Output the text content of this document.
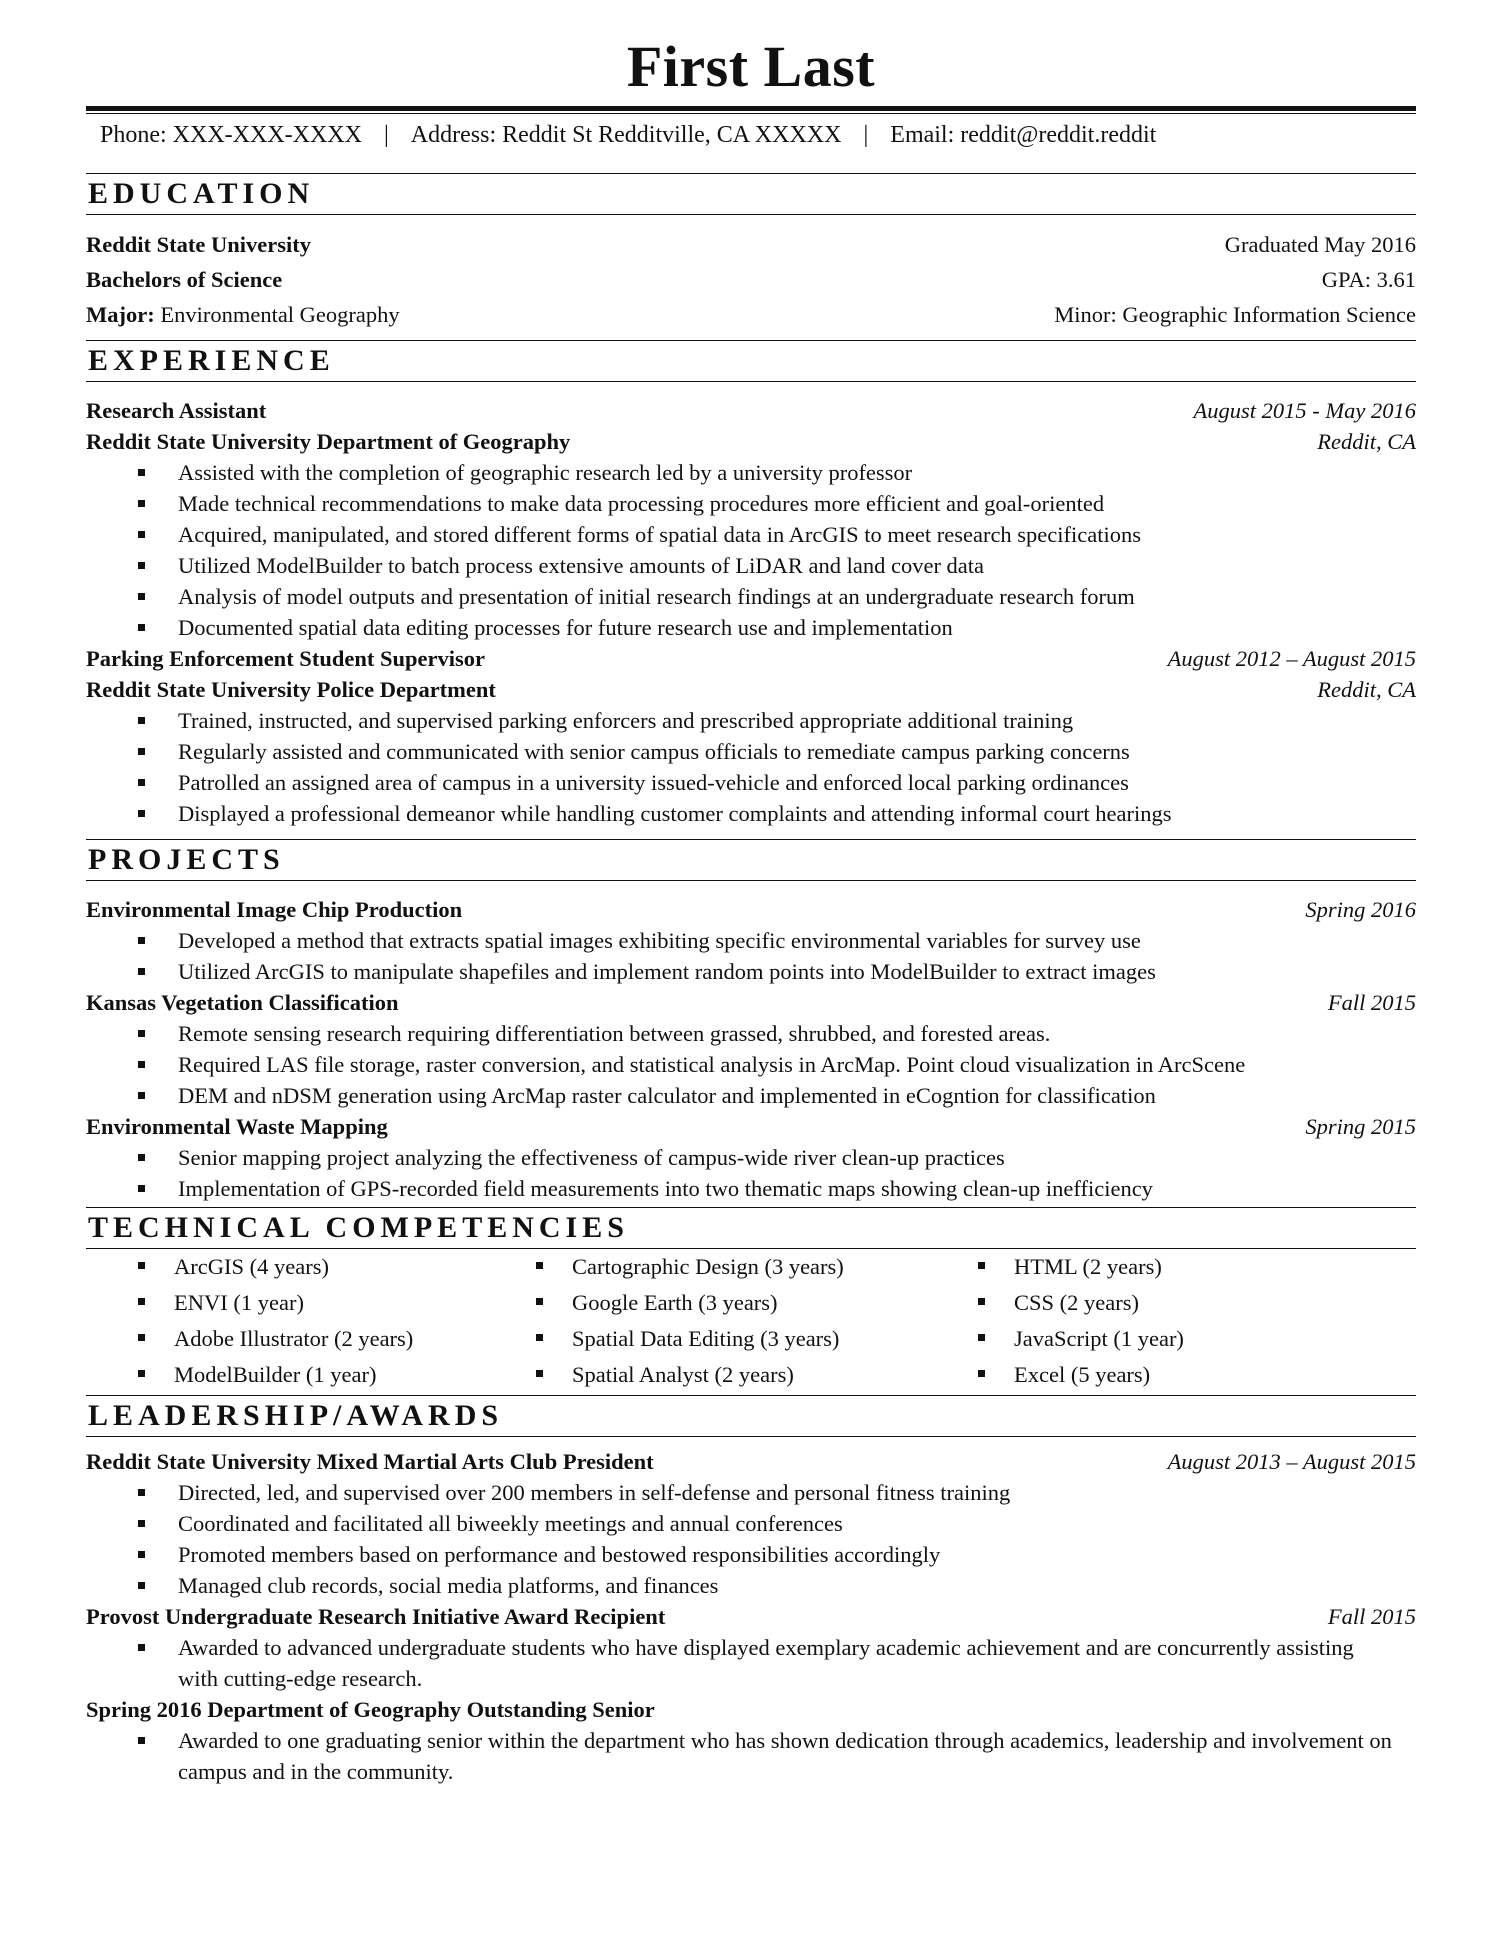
First Last
Phone: XXX-XXX-XXXX | Address: Reddit St Redditville, CA XXXXX | Email: reddit@reddit.reddit
EDUCATION
Reddit State University	Graduated May 2016
Bachelors of Science	GPA: 3.61
Major: Environmental Geography	Minor: Geographic Information Science
EXPERIENCE
Research Assistant	August 2015 - May 2016
Reddit State University Department of Geography	Reddit, CA
Assisted with the completion of geographic research led by a university professor
Made technical recommendations to make data processing procedures more efficient and goal-oriented
Acquired, manipulated, and stored different forms of spatial data in ArcGIS to meet research specifications
Utilized ModelBuilder to batch process extensive amounts of LiDAR and land cover data
Analysis of model outputs and presentation of initial research findings at an undergraduate research forum
Documented spatial data editing processes for future research use and implementation
Parking Enforcement Student Supervisor	August 2012 – August 2015
Reddit State University Police Department	Reddit, CA
Trained, instructed, and supervised parking enforcers and prescribed appropriate additional training
Regularly assisted and communicated with senior campus officials to remediate campus parking concerns
Patrolled an assigned area of campus in a university issued-vehicle and enforced local parking ordinances
Displayed a professional demeanor while handling customer complaints and attending informal court hearings
PROJECTS
Environmental Image Chip Production	Spring 2016
Developed a method that extracts spatial images exhibiting specific environmental variables for survey use
Utilized ArcGIS to manipulate shapefiles and implement random points into ModelBuilder to extract images
Kansas Vegetation Classification	Fall 2015
Remote sensing research requiring differentiation between grassed, shrubbed, and forested areas.
Required LAS file storage, raster conversion, and statistical analysis in ArcMap. Point cloud visualization in ArcScene
DEM and nDSM generation using ArcMap raster calculator and implemented in eCogntion for classification
Environmental Waste Mapping	Spring 2015
Senior mapping project analyzing the effectiveness of campus-wide river clean-up practices
Implementation of GPS-recorded field measurements into two thematic maps showing clean-up inefficiency
TECHNICAL COMPETENCIES
ArcGIS (4 years)	Cartographic Design (3 years)	HTML (2 years)
ENVI (1 year)	Google Earth (3 years)	CSS (2 years)
Adobe Illustrator (2 years)	Spatial Data Editing (3 years)	JavaScript (1 year)
ModelBuilder (1 year)	Spatial Analyst (2 years)	Excel (5 years)
LEADERSHIP/AWARDS
Reddit State University Mixed Martial Arts Club President	August 2013 – August 2015
Directed, led, and supervised over 200 members in self-defense and personal fitness training
Coordinated and facilitated all biweekly meetings and annual conferences
Promoted members based on performance and bestowed responsibilities accordingly
Managed club records, social media platforms, and finances
Provost Undergraduate Research Initiative Award Recipient	Fall 2015
Awarded to advanced undergraduate students who have displayed exemplary academic achievement and are concurrently assisting with cutting-edge research.
Spring 2016 Department of Geography Outstanding Senior
Awarded to one graduating senior within the department who has shown dedication through academics, leadership and involvement on campus and in the community.
